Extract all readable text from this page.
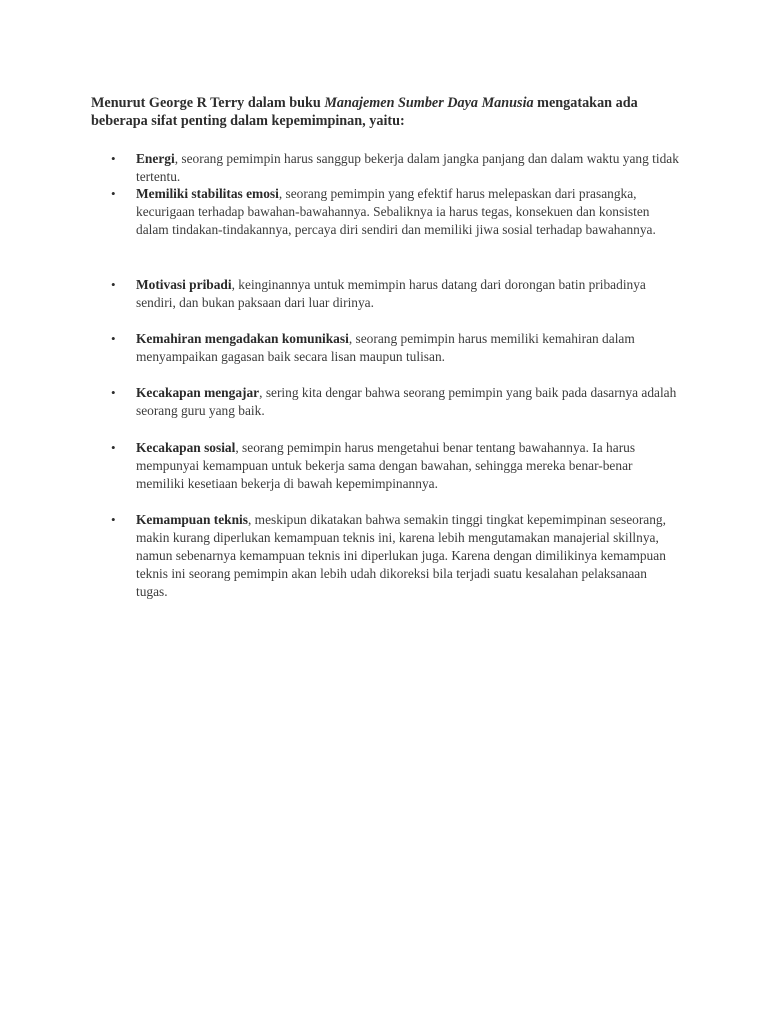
Menurut George R Terry dalam buku Manajemen Sumber Daya Manusia mengatakan ada beberapa sifat penting dalam kepemimpinan, yaitu:

•	Energi, seorang pemimpin harus sanggup bekerja dalam jangka panjang dan dalam waktu yang tidak tertentu.
•	Memiliki stabilitas emosi, seorang pemimpin yang efektif harus melepaskan dari prasangka, kecurigaan terhadap bawahan-bawahannya. Sebaliknya ia harus tegas, konsekuen dan konsisten dalam tindakan-tindakannya, percaya diri sendiri dan memiliki jiwa sosial terhadap bawahannya.
•	Motivasi pribadi, keinginannya untuk memimpin harus datang dari dorongan batin pribadinya sendiri, dan bukan paksaan dari luar dirinya.
•	Kemahiran mengadakan komunikasi, seorang pemimpin harus memiliki kemahiran dalam menyampaikan gagasan baik secara lisan maupun tulisan.
•	Kecakapan mengajar, sering kita dengar bahwa seorang pemimpin yang baik pada dasarnya adalah seorang guru yang baik.
•	Kecakapan sosial, seorang pemimpin harus mengetahui benar tentang bawahannya. Ia harus mempunyai kemampuan untuk bekerja sama dengan bawahan, sehingga mereka benar-benar memiliki kesetiaan bekerja di bawah kepemimpinannya.
•	Kemampuan teknis, meskipun dikatakan bahwa semakin tinggi tingkat kepemimpinan seseorang, makin kurang diperlukan kemampuan teknis ini, karena lebih mengutamakan manajerial skillnya, namun sebenarnya kemampuan teknis ini diperlukan juga. Karena dengan dimilikinya kemampuan teknis ini seorang pemimpin akan lebih udah dikoreksi bila terjadi suatu kesalahan pelaksanaan tugas.
